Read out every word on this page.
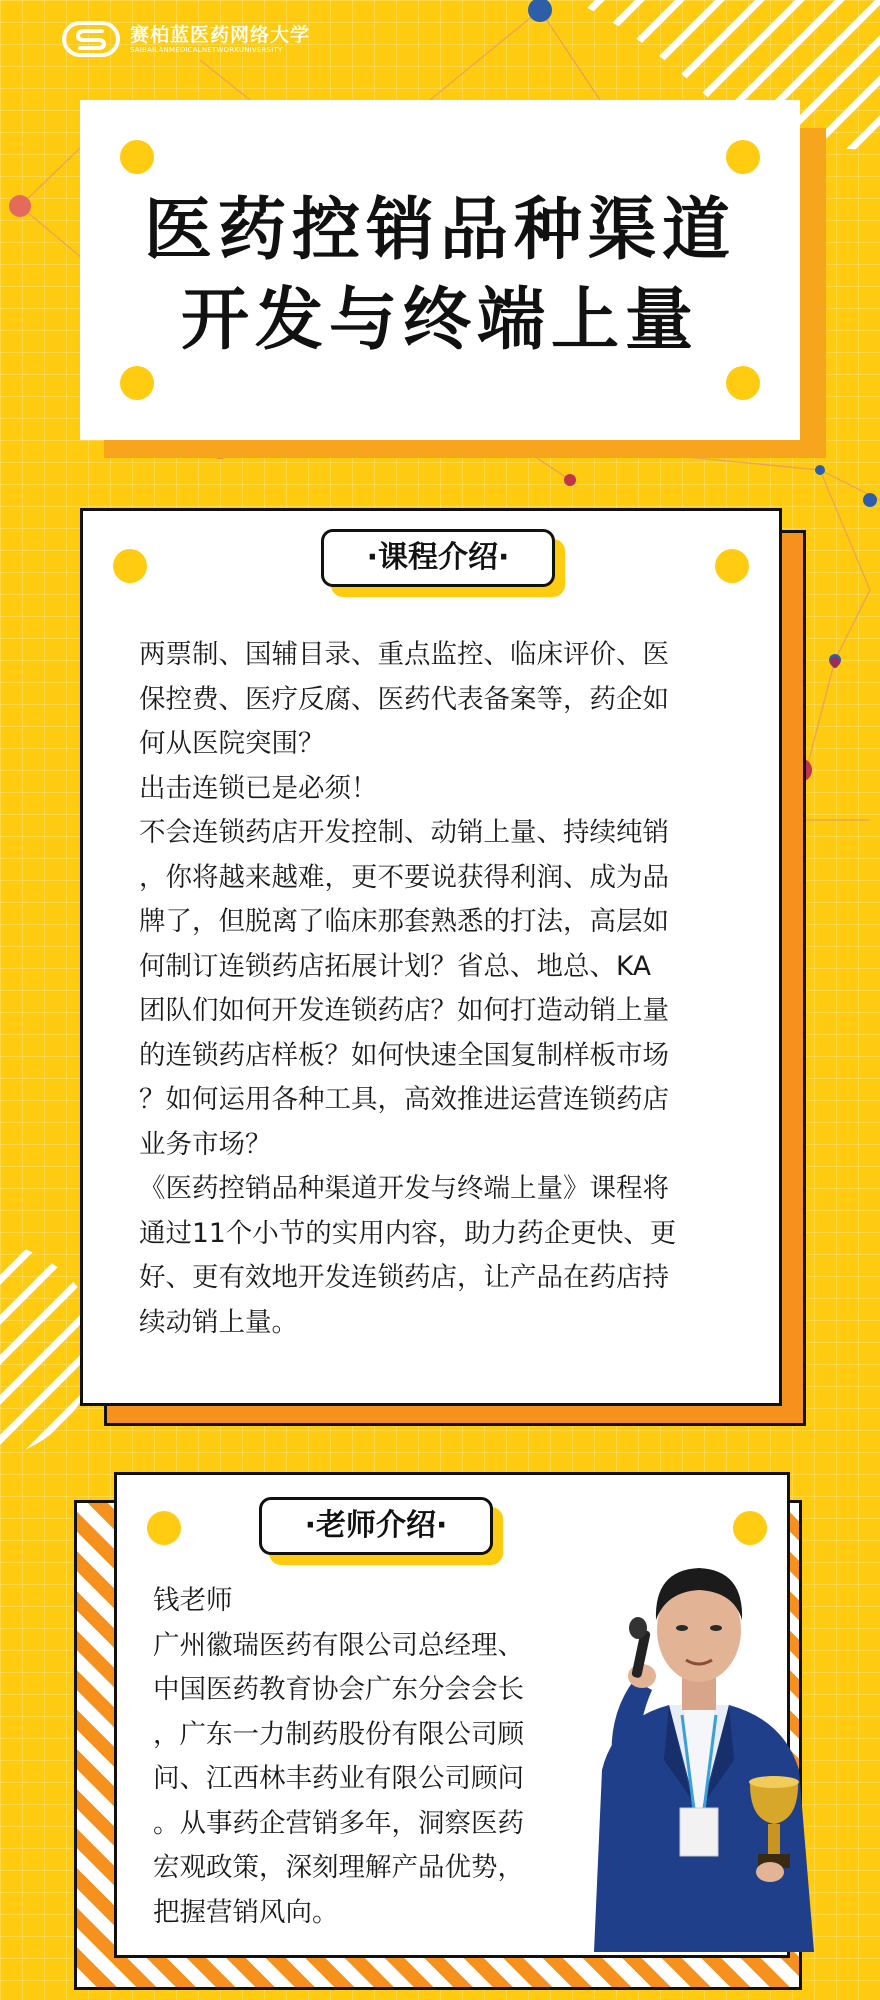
赛柏蓝医药网络大学
SAIBAILANMEDICALNETWORKUNIVERSITY
医药控销品种渠道
开发与终端上量
·课程介绍·
两票制、国辅目录、重点监控、临床评价、医
保控费、医疗反腐、医药代表备案等，药企如
何从医院突围？
出击连锁已是必须！
不会连锁药店开发控制、动销上量、持续纯销
，你将越来越难，更不要说获得利润、成为品
牌了，但脱离了临床那套熟悉的打法，高层如
何制订连锁药店拓展计划？省总、地总、KA
团队们如何开发连锁药店？如何打造动销上量
的连锁药店样板？如何快速全国复制样板市场
？如何运用各种工具，高效推进运营连锁药店
业务市场？
《医药控销品种渠道开发与终端上量》课程将
通过11个小节的实用内容，助力药企更快、更
好、更有效地开发连锁药店，让产品在药店持
续动销上量。
·老师介绍·
钱老师
广州徽瑞医药有限公司总经理、
中国医药教育协会广东分会会长
，广东一力制药股份有限公司顾
问、江西林丰药业有限公司顾问
。从事药企营销多年，洞察医药
宏观政策，深刻理解产品优势，
把握营销风向。
